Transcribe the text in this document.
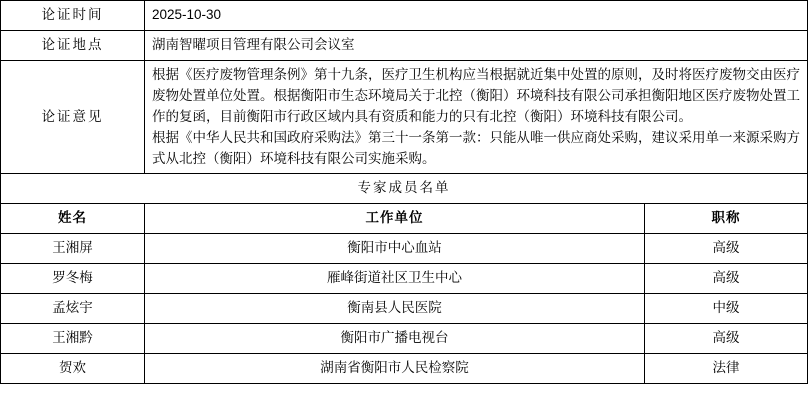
论证时间	2025-10-30	
论证地点	湖南智曜项目管理有限公司会议室	
论证意见	根据《医疗废物管理条例》第十九条，医疗卫生机构应当根据就近集中处置的原则，及时将医疗废物交由医疗废物处置单位处置。根据衡阳市生态环境局关于北控（衡阳）环境科技有限公司承担衡阳地区医疗废物处置工作的复函，目前衡阳市行政区域内具有资质和能力的只有北控（衡阳）环境科技有限公司。

根据《中华人民共和国政府采购法》第三十一条第一款：只能从唯一供应商处采购，建议采用单一来源采购方式从北控（衡阳）环境科技有限公司实施采购。	

专家成员名单		
姓名	工作单位	职称
王湘屏	衡阳市中心血站	高级
罗冬梅	雁峰街道社区卫生中心	高级
孟炫宇	衡南县人民医院	中级
王湘黔	衡阳市广播电视台	高级
贺欢	湖南省衡阳市人民检察院	法律
